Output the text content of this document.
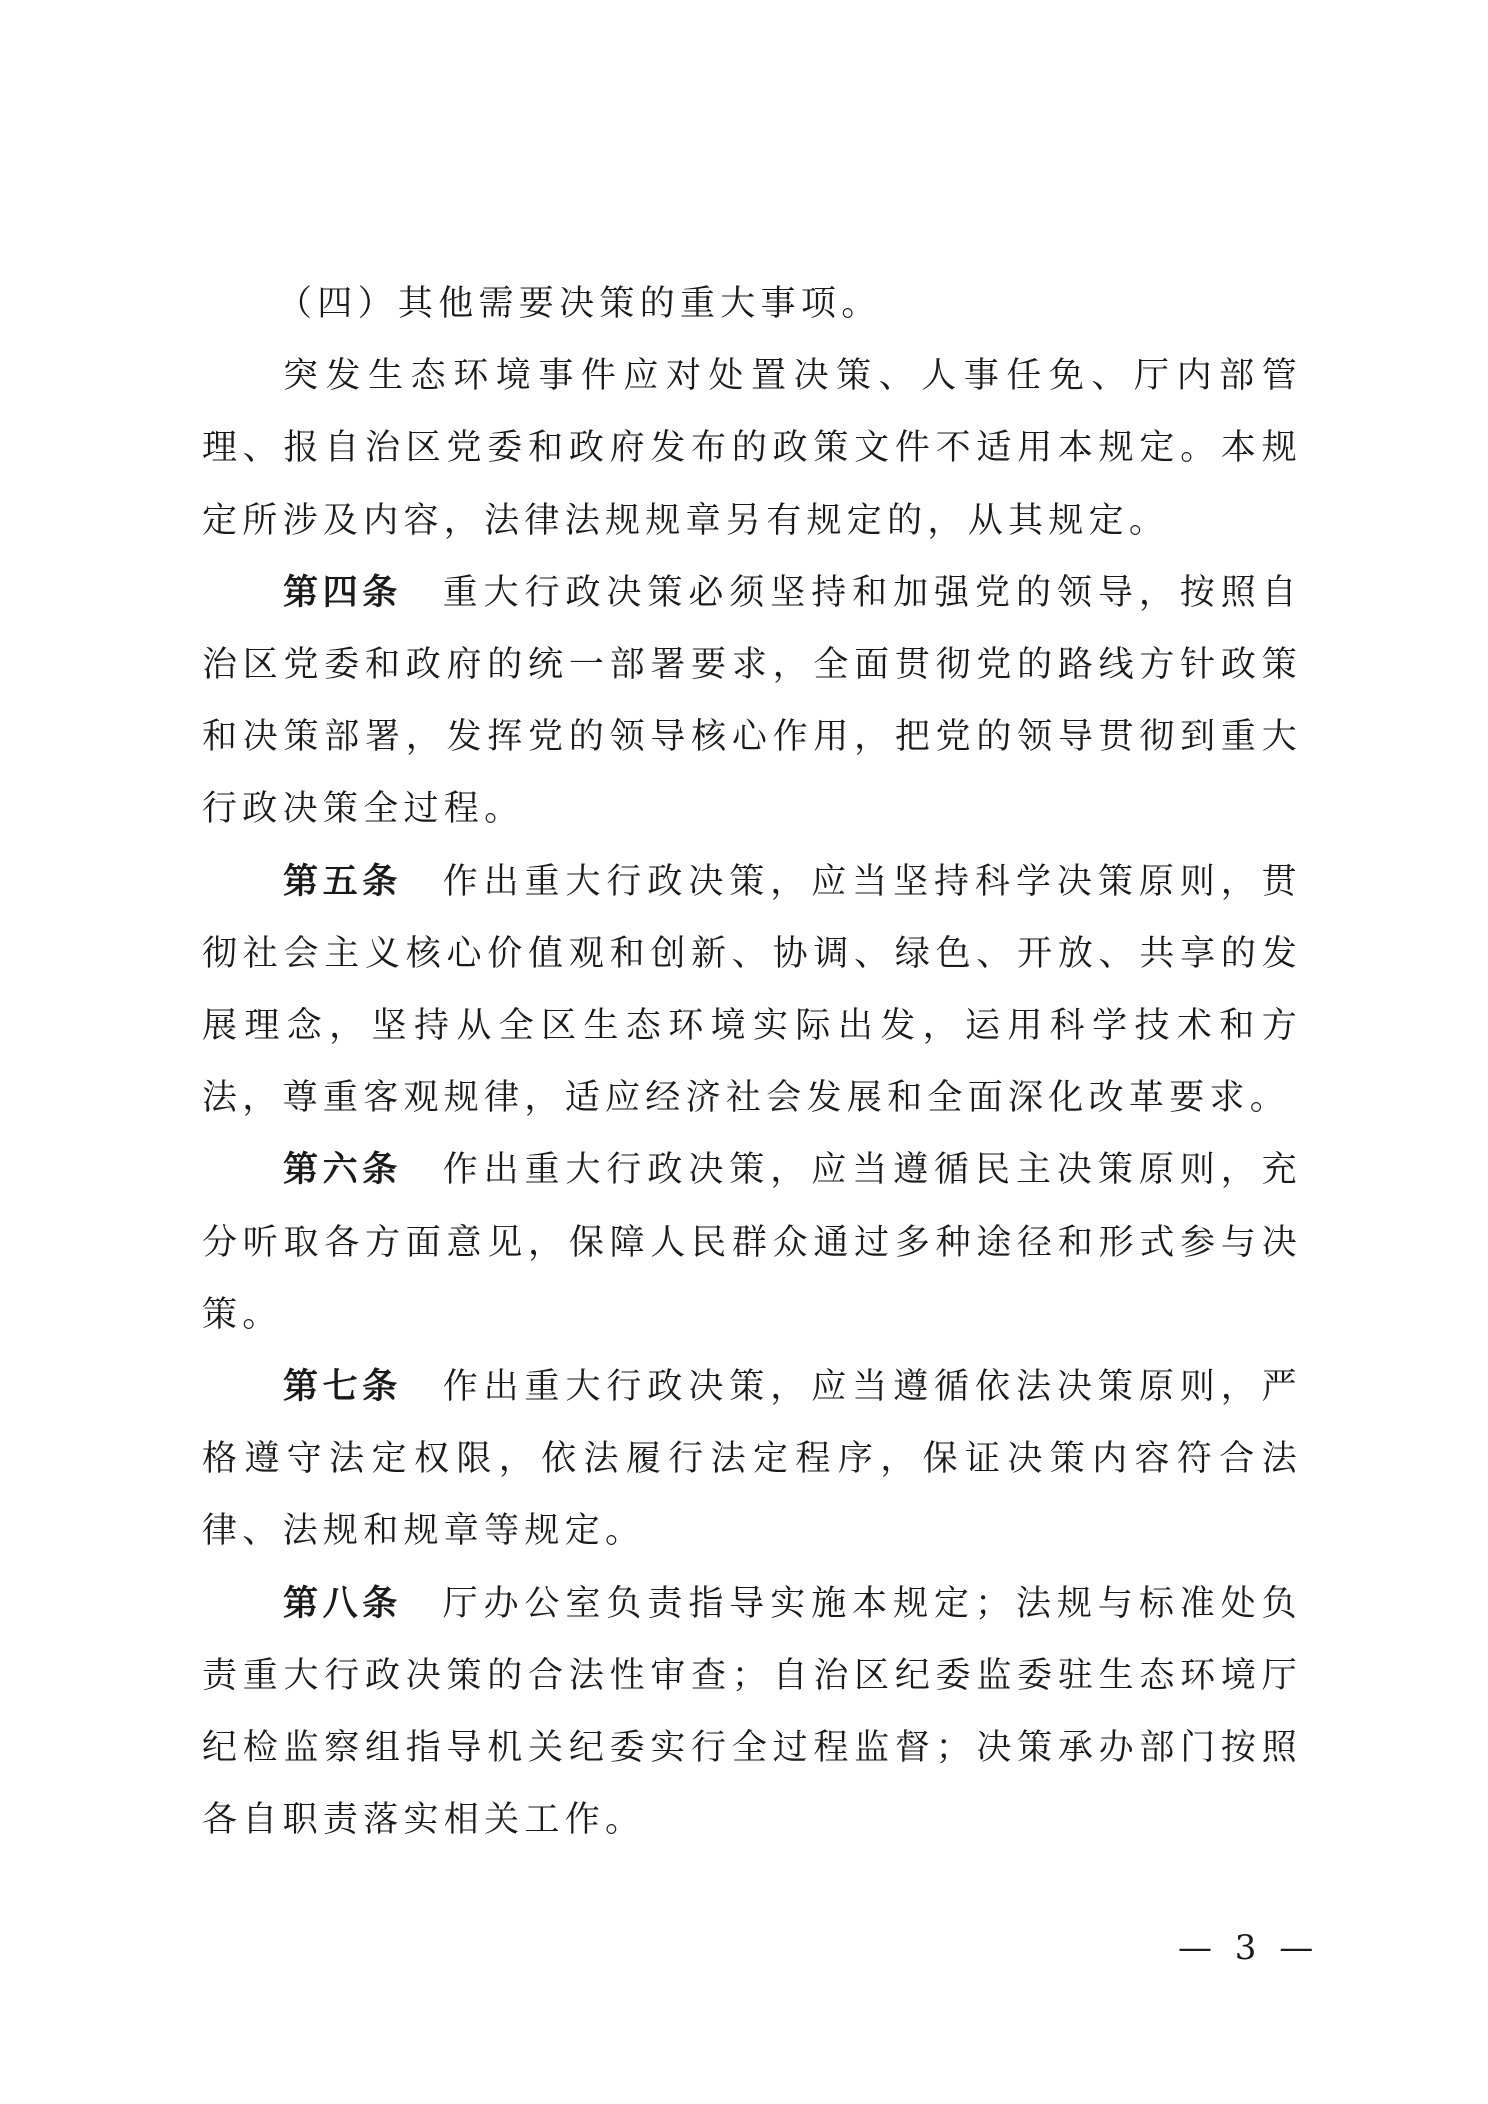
（四）其他需要决策的重大事项。

突发生态环境事件应对处置决策、人事任免、厅内部管理、报自治区党委和政府发布的政策文件不适用本规定。本规定所涉及内容，法律法规规章另有规定的，从其规定。

第四条 重大行政决策必须坚持和加强党的领导，按照自治区党委和政府的统一部署要求，全面贯彻党的路线方针政策和决策部署，发挥党的领导核心作用，把党的领导贯彻到重大行政决策全过程。

第五条 作出重大行政决策，应当坚持科学决策原则，贯彻社会主义核心价值观和创新、协调、绿色、开放、共享的发展理念，坚持从全区生态环境实际出发，运用科学技术和方法，尊重客观规律，适应经济社会发展和全面深化改革要求。

第六条 作出重大行政决策，应当遵循民主决策原则，充分听取各方面意见，保障人民群众通过多种途径和形式参与决策。

第七条 作出重大行政决策，应当遵循依法决策原则，严格遵守法定权限，依法履行法定程序，保证决策内容符合法律、法规和规章等规定。

第八条 厅办公室负责指导实施本规定；法规与标准处负责重大行政决策的合法性审查；自治区纪委监委驻生态环境厅纪检监察组指导机关纪委实行全过程监督；决策承办部门按照各自职责落实相关工作。

— 3 —
